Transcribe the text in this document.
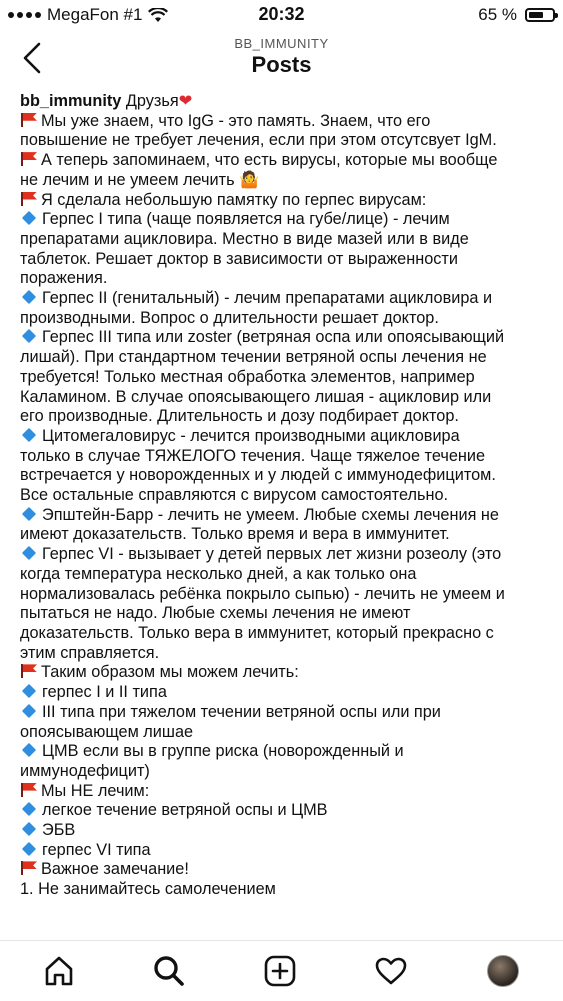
MegaFon #1	20:32	65 %
BB_IMMUNITY
Posts

bb_immunity Друзья❤

Мы уже знаем, что IgG - это память. Знаем, что его

повышение не требует лечения, если при этом отсутсвует IgM.

А теперь запоминаем, что есть вирусы, которые мы вообще

не лечим и не умеем лечить 🤷

Я сделала небольшую памятку по герпес вирусам:

Герпес I типа (чаще появляется на губе/лице) - лечим

препаратами ацикловира. Местно в виде мазей или в виде

таблеток. Решает доктор в зависимости от выраженности

поражения.

Герпес II (генитальный) - лечим препаратами ацикловира и

производными. Вопрос о длительности решает доктор.

Герпес III типа или zoster (ветряная оспа или опоясывающий

лишай). При стандартном течении ветряной оспы лечения не

требуется! Только местная обработка элементов, например

Каламином. В случае опоясывающего лишая - ацикловир или

его производные. Длительность и дозу подбирает доктор.

Цитомегаловирус - лечится производными ацикловира

только в случае ТЯЖЕЛОГО течения. Чаще тяжелое течение

встречается у новорожденных и у людей с иммунодефицитом.

Все остальные справляются с вирусом самостоятельно.

Эпштейн-Барр - лечить не умеем. Любые схемы лечения не

имеют доказательств. Только время и вера в иммунитет.

Герпес VI - вызывает у детей первых лет жизни розеолу (это

когда температура несколько дней, а как только она

нормализовалась ребёнка покрыло сыпью) - лечить не умеем и

пытаться не надо. Любые схемы лечения не имеют

доказательств. Только вера в иммунитет, который прекрасно с

этим справляется.

Таким образом мы можем лечить:

герпес I и II типа

III типа при тяжелом течении ветряной оспы или при

опоясывающем лишае

ЦМВ если вы в группе риска (новорожденный и

иммунодефицит)

Мы НЕ лечим:

легкое течение ветряной оспы и ЦМВ

ЭБВ

герпес VI типа

Важное замечание!

1. Не занимайтесь самолечением
